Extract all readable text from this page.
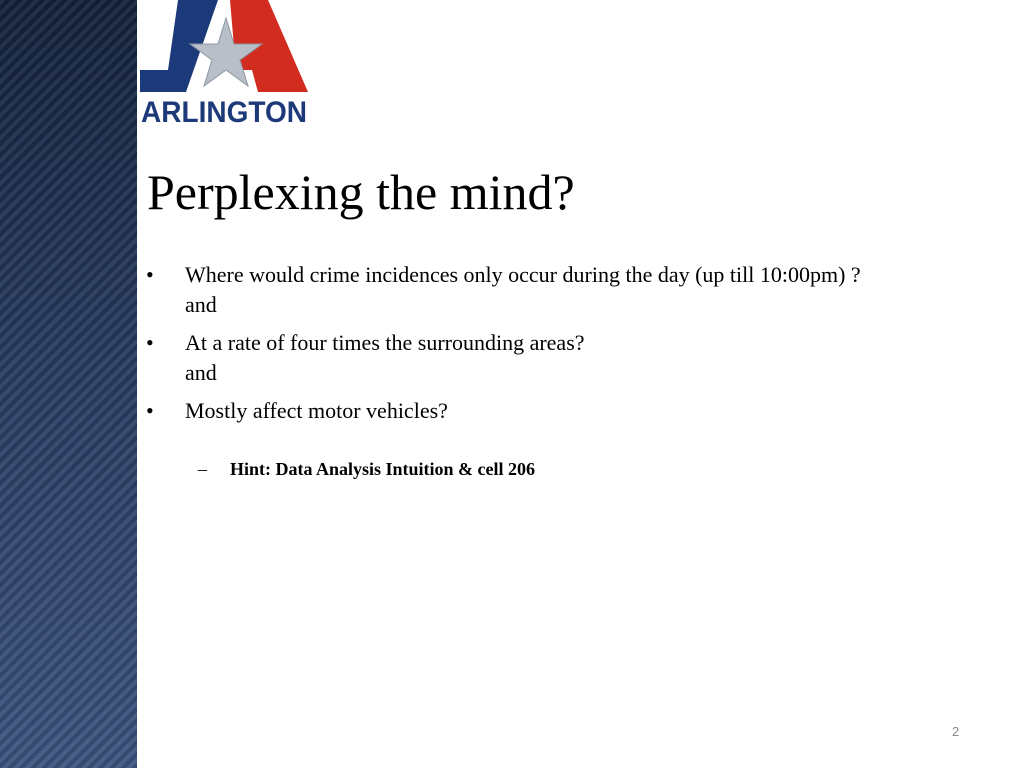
ARLINGTON
Perplexing the mind?
• Where would crime incidences only occur during the day (up till 10:00pm) ?
and
• At a rate of four times the surrounding areas?
and
• Mostly affect motor vehicles?
– Hint: Data Analysis Intuition & cell 206
2
